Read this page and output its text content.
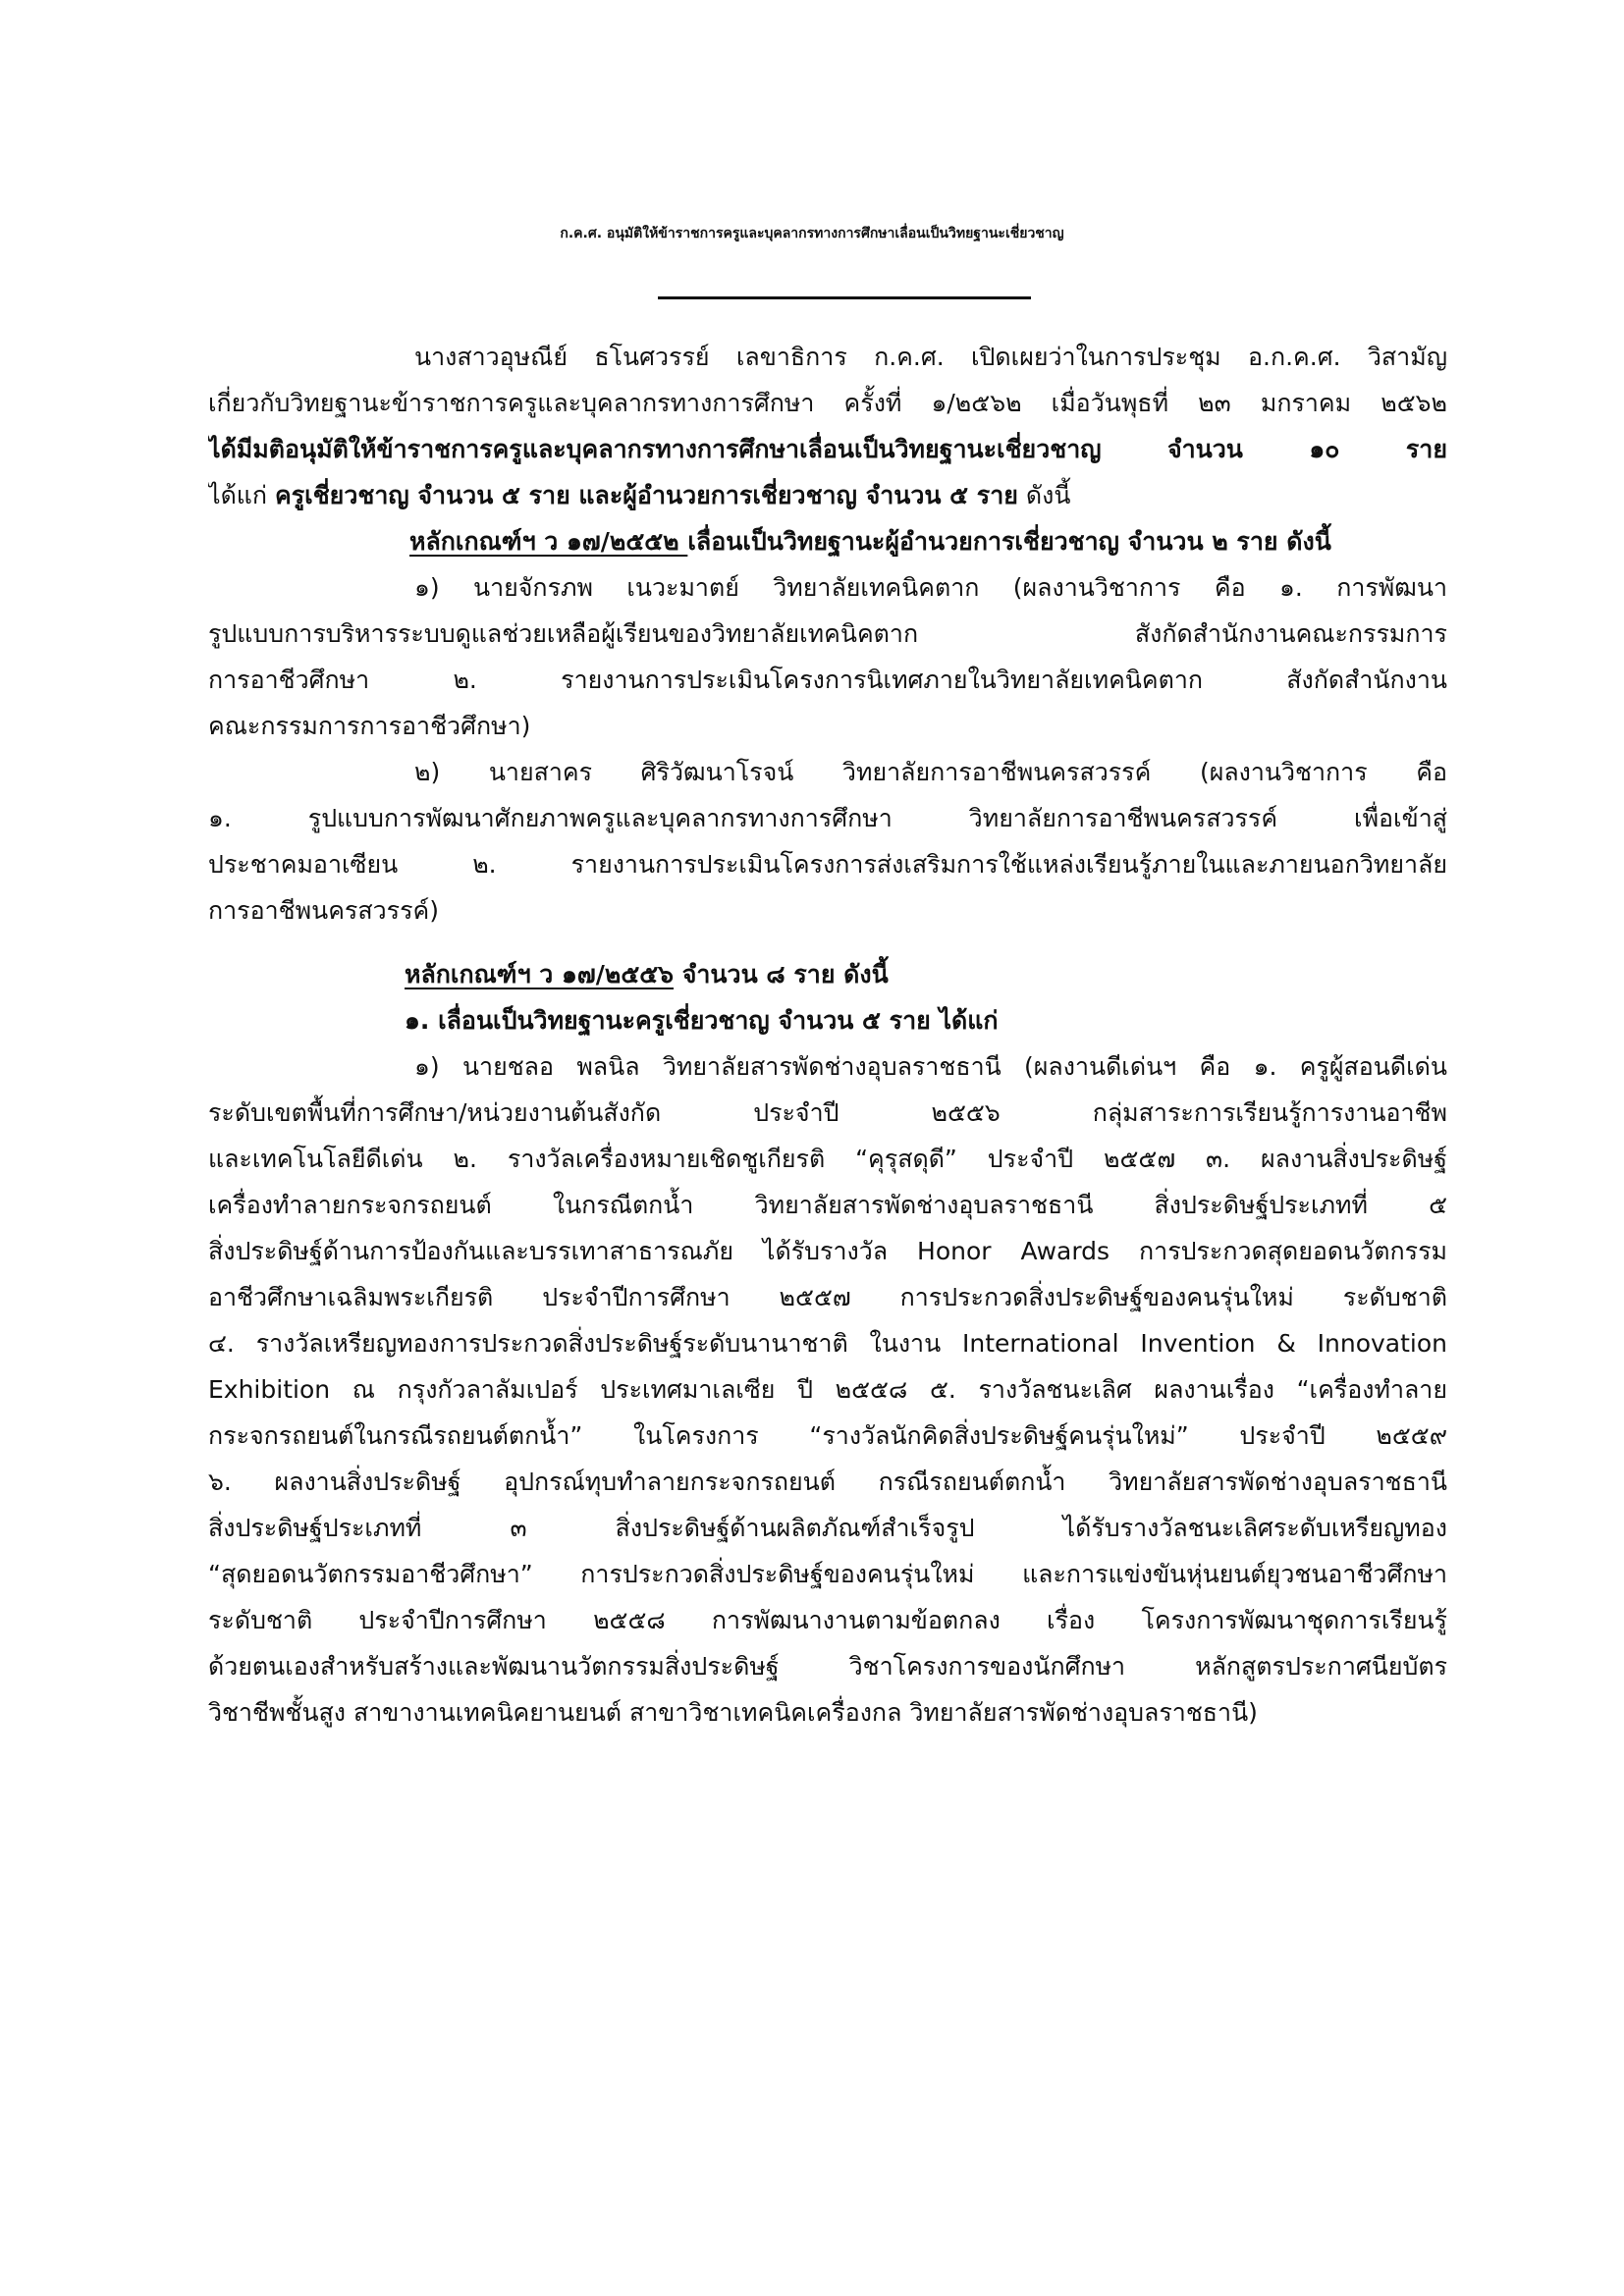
ก.ค.ศ. อนุมัติให้ข้าราชการครูและบุคลากรทางการศึกษาเลื่อนเป็นวิทยฐานะเชี่ยวชาญ
นางสาวอุษณีย์ ธโนศวรรย์ เลขาธิการ ก.ค.ศ. เปิดเผยว่าในการประชุม อ.ก.ค.ศ. วิสามัญ
เกี่ยวกับวิทยฐานะข้าราชการครูและบุคลากรทางการศึกษา ครั้งที่ ๑/๒๕๖๒ เมื่อวันพุธที่ ๒๓ มกราคม ๒๕๖๒
ได้มีมติอนุมัติให้ข้าราชการครูและบุคลากรทางการศึกษาเลื่อนเป็นวิทยฐานะเชี่ยวชาญ จำนวน ๑๐ ราย
ได้แก่ ครูเชี่ยวชาญ จำนวน ๕ ราย และผู้อำนวยการเชี่ยวชาญ จำนวน ๕ ราย ดังนี้
หลักเกณฑ์ฯ ว ๑๗/๒๕๕๒ เลื่อนเป็นวิทยฐานะผู้อำนวยการเชี่ยวชาญ จำนวน ๒ ราย ดังนี้
๑) นายจักรภพ เนวะมาตย์ วิทยาลัยเทคนิคตาก (ผลงานวิชาการ คือ ๑. การพัฒนา
รูปแบบการบริหารระบบดูแลช่วยเหลือผู้เรียนของวิทยาลัยเทคนิคตาก สังกัดสำนักงานคณะกรรมการ
การอาชีวศึกษา ๒. รายงานการประเมินโครงการนิเทศภายในวิทยาลัยเทคนิคตาก สังกัดสำนักงาน
คณะกรรมการการอาชีวศึกษา)
๒) นายสาคร ศิริวัฒนาโรจน์ วิทยาลัยการอาชีพนครสวรรค์ (ผลงานวิชาการ คือ
๑. รูปแบบการพัฒนาศักยภาพครูและบุคลากรทางการศึกษา วิทยาลัยการอาชีพนครสวรรค์ เพื่อเข้าสู่
ประชาคมอาเซียน ๒. รายงานการประเมินโครงการส่งเสริมการใช้แหล่งเรียนรู้ภายในและภายนอกวิทยาลัย
การอาชีพนครสวรรค์)
หลักเกณฑ์ฯ ว ๑๗/๒๕๕๖ จำนวน ๘ ราย ดังนี้
๑. เลื่อนเป็นวิทยฐานะครูเชี่ยวชาญ จำนวน ๕ ราย ได้แก่
๑) นายชลอ พลนิล วิทยาลัยสารพัดช่างอุบลราชธานี (ผลงานดีเด่นฯ คือ ๑. ครูผู้สอนดีเด่น
ระดับเขตพื้นที่การศึกษา/หน่วยงานต้นสังกัด ประจำปี ๒๕๕๖ กลุ่มสาระการเรียนรู้การงานอาชีพ
และเทคโนโลยีดีเด่น ๒. รางวัลเครื่องหมายเชิดชูเกียรติ “คุรุสดุดี” ประจำปี ๒๕๕๗ ๓. ผลงานสิ่งประดิษฐ์
เครื่องทำลายกระจกรถยนต์ ในกรณีตกน้ำ วิทยาลัยสารพัดช่างอุบลราชธานี สิ่งประดิษฐ์ประเภทที่ ๕
สิ่งประดิษฐ์ด้านการป้องกันและบรรเทาสาธารณภัย ได้รับรางวัล Honor Awards การประกวดสุดยอดนวัตกรรม
อาชีวศึกษาเฉลิมพระเกียรติ ประจำปีการศึกษา ๒๕๕๗ การประกวดสิ่งประดิษฐ์ของคนรุ่นใหม่ ระดับชาติ
๔. รางวัลเหรียญทองการประกวดสิ่งประดิษฐ์ระดับนานาชาติ ในงาน International Invention & Innovation
Exhibition ณ กรุงกัวลาลัมเปอร์ ประเทศมาเลเซีย ปี ๒๕๕๘ ๕. รางวัลชนะเลิศ ผลงานเรื่อง “เครื่องทำลาย
กระจกรถยนต์ในกรณีรถยนต์ตกน้ำ” ในโครงการ “รางวัลนักคิดสิ่งประดิษฐ์คนรุ่นใหม่” ประจำปี ๒๕๕๙
๖. ผลงานสิ่งประดิษฐ์ อุปกรณ์ทุบทำลายกระจกรถยนต์ กรณีรถยนต์ตกน้ำ วิทยาลัยสารพัดช่างอุบลราชธานี
สิ่งประดิษฐ์ประเภทที่ ๓ สิ่งประดิษฐ์ด้านผลิตภัณฑ์สำเร็จรูป ได้รับรางวัลชนะเลิศระดับเหรียญทอง
“สุดยอดนวัตกรรมอาชีวศึกษา” การประกวดสิ่งประดิษฐ์ของคนรุ่นใหม่ และการแข่งขันหุ่นยนต์ยุวชนอาชีวศึกษา
ระดับชาติ ประจำปีการศึกษา ๒๕๕๘ การพัฒนางานตามข้อตกลง เรื่อง โครงการพัฒนาชุดการเรียนรู้
ด้วยตนเองสำหรับสร้างและพัฒนานวัตกรรมสิ่งประดิษฐ์ วิชาโครงการของนักศึกษา หลักสูตรประกาศนียบัตร
วิชาชีพชั้นสูง สาขางานเทคนิคยานยนต์ สาขาวิชาเทคนิคเครื่องกล วิทยาลัยสารพัดช่างอุบลราชธานี)
